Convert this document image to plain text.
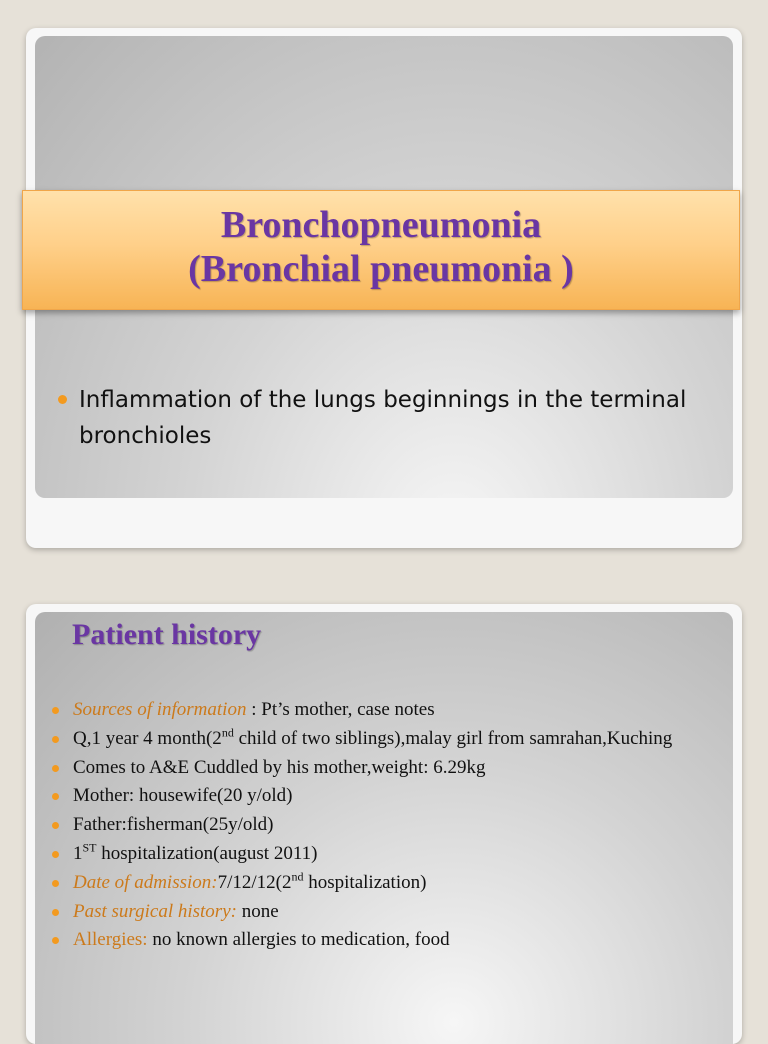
Bronchopneumonia
(Bronchial pneumonia )
Inflammation of the lungs beginnings in the terminal bronchioles
Patient history
Sources of information : Pt’s mother, case notes
Q,1 year 4 month(2nd child of two siblings),malay girl from samrahan,Kuching
Comes to A&E Cuddled by his mother,weight: 6.29kg
Mother: housewife(20 y/old)
Father:fisherman(25y/old)
1ST hospitalization(august 2011)
Date of admission:7/12/12(2nd hospitalization)
Past surgical history: none
Allergies: no known allergies to medication, food
